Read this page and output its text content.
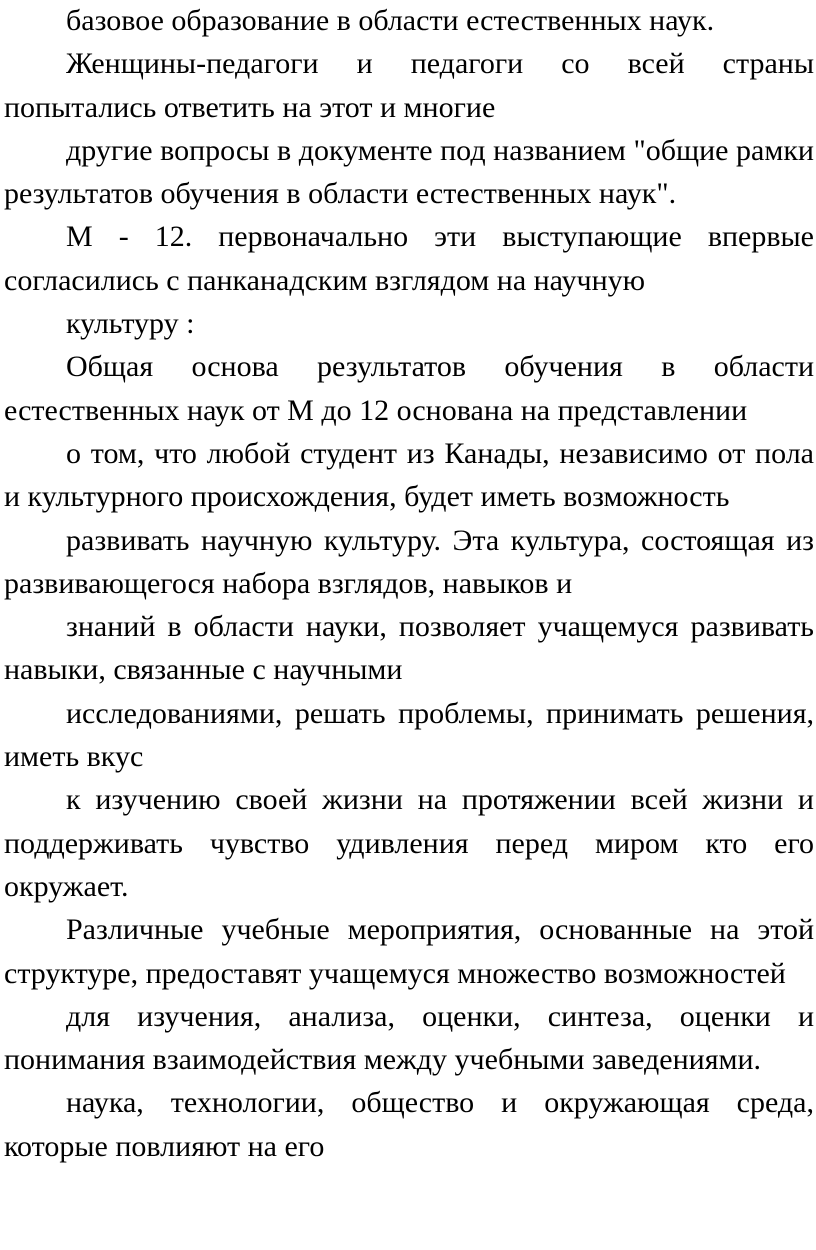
базовое образование в области естественных наук.

Женщины-педагоги и педагоги со всей страны попытались ответить на этот и многие

другие вопросы в документе под названием "общие рамки результатов обучения в области естественных наук".

М - 12. первоначально эти выступающие впервые согласились с панканадским взглядом на научную

культуру :

Общая основа результатов обучения в области естественных наук от М до 12 основана на представлении

о том, что любой студент из Канады, независимо от пола и культурного происхождения, будет иметь возможность

развивать научную культуру. Эта культура, состоящая из развивающегося набора взглядов, навыков и

знаний в области науки, позволяет учащемуся развивать навыки, связанные с научными

исследованиями, решать проблемы, принимать решения, иметь вкус

к изучению своей жизни на протяжении всей жизни и поддерживать чувство удивления перед миром кто его окружает.

Различные учебные мероприятия, основанные на этой структуре, предоставят учащемуся множество возможностей

для изучения, анализа, оценки, синтеза, оценки и понимания взаимодействия между учебными заведениями.

наука, технологии, общество и окружающая среда, которые повлияют на его
